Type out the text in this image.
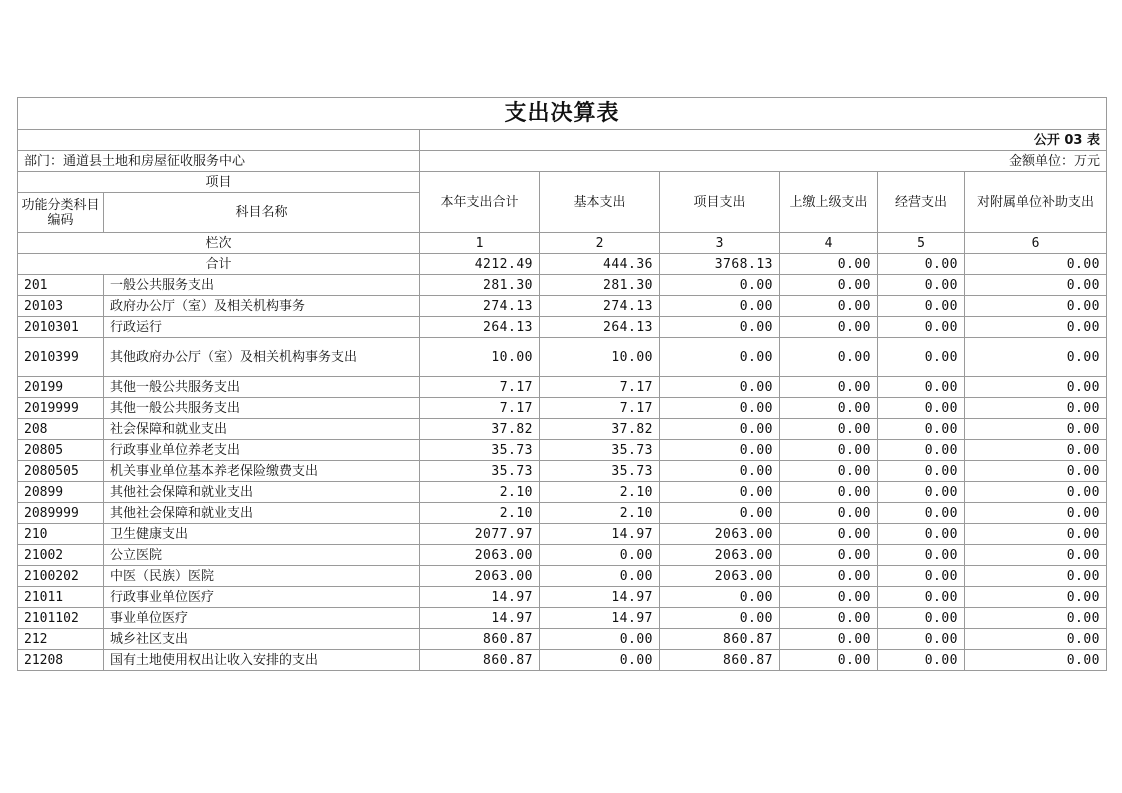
支出决算表							
		公开 03 表					
部门：通道县土地和房屋征收服务中心		金额单位：万元					
项目		本年支出合计	基本支出	项目支出	上缴上级支出	经营支出	对附属单位补助支出
功能分类科目编码	科目名称						
栏次		1	2	3	4	5	6
合计		4212.49	444.36	3768.13	0.00	0.00	0.00
201	一般公共服务支出	281.30	281.30	0.00	0.00	0.00	0.00
20103	政府办公厅（室）及相关机构事务	274.13	274.13	0.00	0.00	0.00	0.00
2010301	行政运行	264.13	264.13	0.00	0.00	0.00	0.00
2010399	其他政府办公厅（室）及相关机构事务支出	10.00	10.00	0.00	0.00	0.00	0.00
20199	其他一般公共服务支出	7.17	7.17	0.00	0.00	0.00	0.00
2019999	其他一般公共服务支出	7.17	7.17	0.00	0.00	0.00	0.00
208	社会保障和就业支出	37.82	37.82	0.00	0.00	0.00	0.00
20805	行政事业单位养老支出	35.73	35.73	0.00	0.00	0.00	0.00
2080505	机关事业单位基本养老保险缴费支出	35.73	35.73	0.00	0.00	0.00	0.00
20899	其他社会保障和就业支出	2.10	2.10	0.00	0.00	0.00	0.00
2089999	其他社会保障和就业支出	2.10	2.10	0.00	0.00	0.00	0.00
210	卫生健康支出	2077.97	14.97	2063.00	0.00	0.00	0.00
21002	公立医院	2063.00	0.00	2063.00	0.00	0.00	0.00
2100202	中医（民族）医院	2063.00	0.00	2063.00	0.00	0.00	0.00
21011	行政事业单位医疗	14.97	14.97	0.00	0.00	0.00	0.00
2101102	事业单位医疗	14.97	14.97	0.00	0.00	0.00	0.00
212	城乡社区支出	860.87	0.00	860.87	0.00	0.00	0.00
21208	国有土地使用权出让收入安排的支出	860.87	0.00	860.87	0.00	0.00	0.00
